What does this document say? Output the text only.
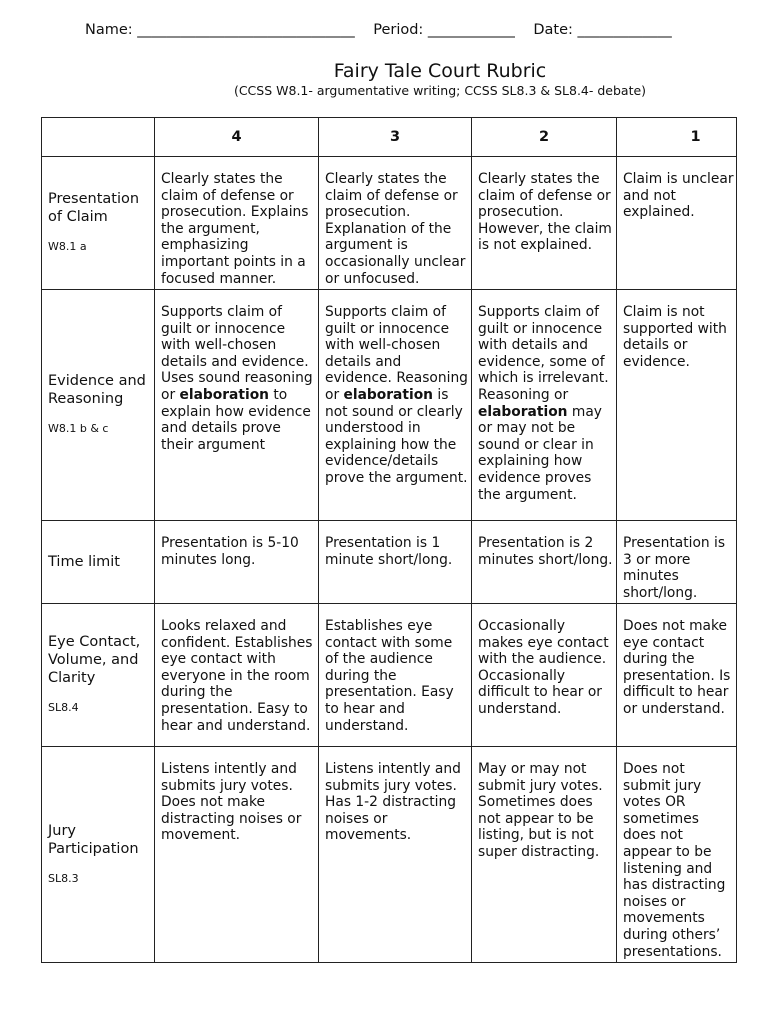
Name: ______________________________ Period: ____________ Date: _____________
Fairy Tale Court Rubric
(CCSS W8.1- argumentative writing; CCSS SL8.3 & SL8.4- debate)
	4	3	2	1

Presentation of Claim
W8.1 a	Clearly states the claim of defense or prosecution. Explains the argument, emphasizing important points in a focused manner.	Clearly states the claim of defense or prosecution. Explanation of the argument is occasionally unclear or unfocused.	Clearly states the claim of defense or prosecution. However, the claim is not explained.	Claim is unclear and not explained.

Evidence and Reasoning
W8.1 b & c	Supports claim of guilt or innocence with well-chosen details and evidence. Uses sound reasoning or elaboration to explain how evidence and details prove their argument	Supports claim of guilt or innocence with well-chosen details and evidence. Reasoning or elaboration is not sound or clearly understood in explaining how the evidence/details prove the argument.	Supports claim of guilt or innocence with details and evidence, some of which is irrelevant. Reasoning or elaboration may or may not be sound or clear in explaining how evidence proves the argument.	Claim is not supported with details or evidence.

Time limit	Presentation is 5-10 minutes long.	Presentation is 1 minute short/long.	Presentation is 2 minutes short/long.	Presentation is 3 or more minutes short/long.

Eye Contact, Volume, and Clarity
SL8.4	Looks relaxed and confident. Establishes eye contact with everyone in the room during the presentation. Easy to hear and understand.	Establishes eye contact with some of the audience during the presentation. Easy to hear and understand.	Occasionally makes eye contact with the audience. Occasionally difficult to hear or understand.	Does not make eye contact during the presentation. Is difficult to hear or understand.

Jury Participation
SL8.3	Listens intently and submits jury votes. Does not make distracting noises or movement.	Listens intently and submits jury votes. Has 1-2 distracting noises or movements.	May or may not submit jury votes. Sometimes does not appear to be listing, but is not super distracting.	Does not submit jury votes OR sometimes does not appear to be listening and has distracting noises or movements during others’ presentations.
